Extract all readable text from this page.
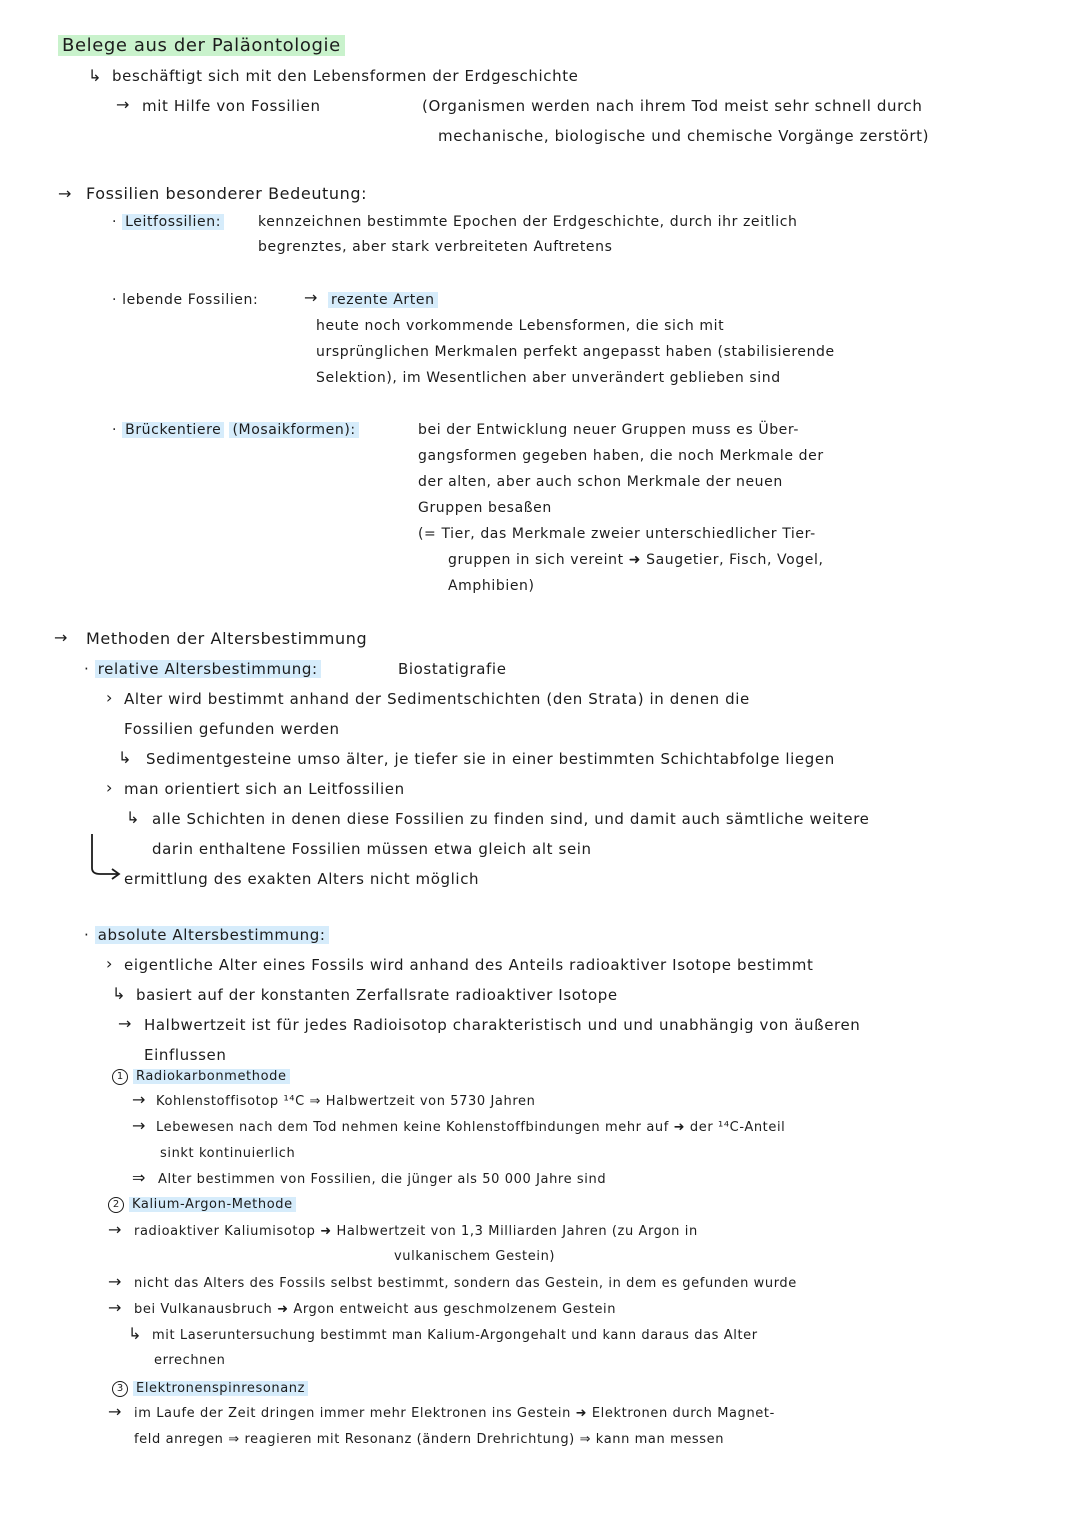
Belege aus der Paläontologie
↳ beschäftigt sich mit den Lebensformen der Erdgeschichte
→ mit Hilfe von Fossilien	(Organismen werden nach ihrem Tod meist sehr schnell durch
mechanische, biologische und chemische Vorgänge zerstört)
→ Fossilien besonderer Bedeutung:
· Leitfossilien:	kennzeichnen bestimmte Epochen der Erdgeschichte, durch ihr zeitlich
begrenztes, aber stark verbreiteten Auftretens
· lebende Fossilien:	→ rezente Arten
heute noch vorkommende Lebensformen, die sich mit
ursprünglichen Merkmalen perfekt angepasst haben (stabilisierende
Selektion), im Wesentlichen aber unverändert geblieben sind
· Brückentiere (Mosaikformen):	bei der Entwicklung neuer Gruppen muss es Über-
gangsformen gegeben haben, die noch Merkmale der
der alten, aber auch schon Merkmale der neuen
Gruppen besaßen
(= Tier, das Merkmale zweier unterschiedlicher Tier-
gruppen in sich vereint ➜ Saugetier, Fisch, Vogel,
Amphibien)
→ Methoden der Altersbestimmung
· relative Altersbestimmung:	Biostatigrafie
› Alter wird bestimmt anhand der Sedimentschichten (den Strata) in denen die
Fossilien gefunden werden
↳ Sedimentgesteine umso älter, je tiefer sie in einer bestimmten Schichtabfolge liegen
› man orientiert sich an Leitfossilien
↳ alle Schichten in denen diese Fossilien zu finden sind, und damit auch sämtliche weitere
darin enthaltene Fossilien müssen etwa gleich alt sein
ermittlung des exakten Alters nicht möglich
· absolute Altersbestimmung:
› eigentliche Alter eines Fossils wird anhand des Anteils radioaktiver Isotope bestimmt
↳ basiert auf der konstanten Zerfallsrate radioaktiver Isotope
→ Halbwertzeit ist für jedes Radioisotop charakteristisch und und unabhängig von äußeren
Einflussen
1 Radiokarbonmethode
→ Kohlenstoffisotop ¹⁴C ⇒ Halbwertzeit von 5730 Jahren
→ Lebewesen nach dem Tod nehmen keine Kohlenstoffbindungen mehr auf ➜ der ¹⁴C-Anteil
sinkt kontinuierlich
⇒ Alter bestimmen von Fossilien, die jünger als 50 000 Jahre sind
2 Kalium-Argon-Methode
→ radioaktiver Kaliumisotop ➜ Halbwertzeit von 1,3 Milliarden Jahren (zu Argon in
vulkanischem Gestein)
→ nicht das Alters des Fossils selbst bestimmt, sondern das Gestein, in dem es gefunden wurde
→ bei Vulkanausbruch ➜ Argon entweicht aus geschmolzenem Gestein
↳ mit Laseruntersuchung bestimmt man Kalium-Argongehalt und kann daraus das Alter
errechnen
3 Elektronenspinresonanz
→ im Laufe der Zeit dringen immer mehr Elektronen ins Gestein ➜ Elektronen durch Magnet-
feld anregen ⇒ reagieren mit Resonanz (ändern Drehrichtung) ⇒ kann man messen
